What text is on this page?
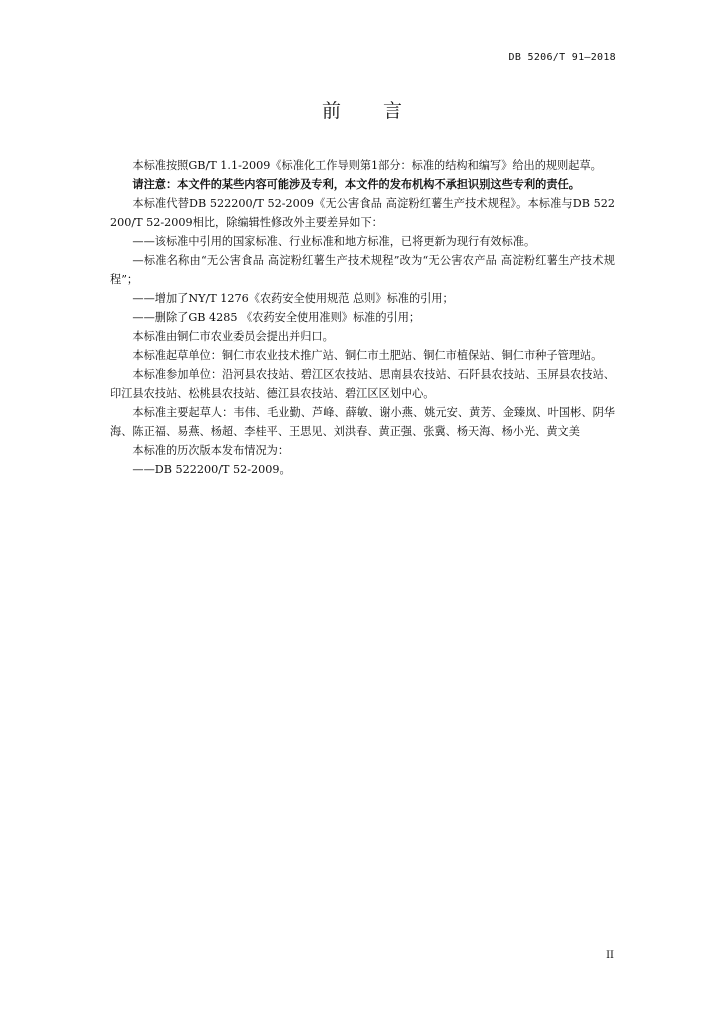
DB 5206/T 91—2018
前 言

本标准按照GB/T 1.1-2009《标准化工作导则第1部分：标准的结构和编写》给出的规则起草。

请注意：本文件的某些内容可能涉及专利，本文件的发布机构不承担识别这些专利的责任。

本标准代替DB 522200/T 52-2009《无公害食品 高淀粉红薯生产技术规程》。本标准与DB 522200/T 52-2009相比，除编辑性修改外主要差异如下：

——该标准中引用的国家标准、行业标准和地方标准，已将更新为现行有效标准。

—标准名称由“无公害食品 高淀粉红薯生产技术规程”改为“无公害农产品 高淀粉红薯生产技术规程”；

——增加了NY/T 1276《农药安全使用规范 总则》标准的引用；

——删除了GB 4285 《农药安全使用准则》标准的引用；

本标准由铜仁市农业委员会提出并归口。

本标准起草单位：铜仁市农业技术推广站、铜仁市土肥站、铜仁市植保站、铜仁市种子管理站。

本标准参加单位：沿河县农技站、碧江区农技站、思南县农技站、石阡县农技站、玉屏县农技站、印江县农技站、松桃县农技站、德江县农技站、碧江区区划中心。

本标准主要起草人：韦伟、毛业勤、芦峰、薛敏、谢小燕、姚元安、黄芳、金臻岚、叶国彬、阴华海、陈正福、易燕、杨超、李桂平、王思见、刘洪春、黄正强、张冀、杨天海、杨小光、黄文美

本标准的历次版本发布情况为：

——DB 522200/T 52-2009。

II
